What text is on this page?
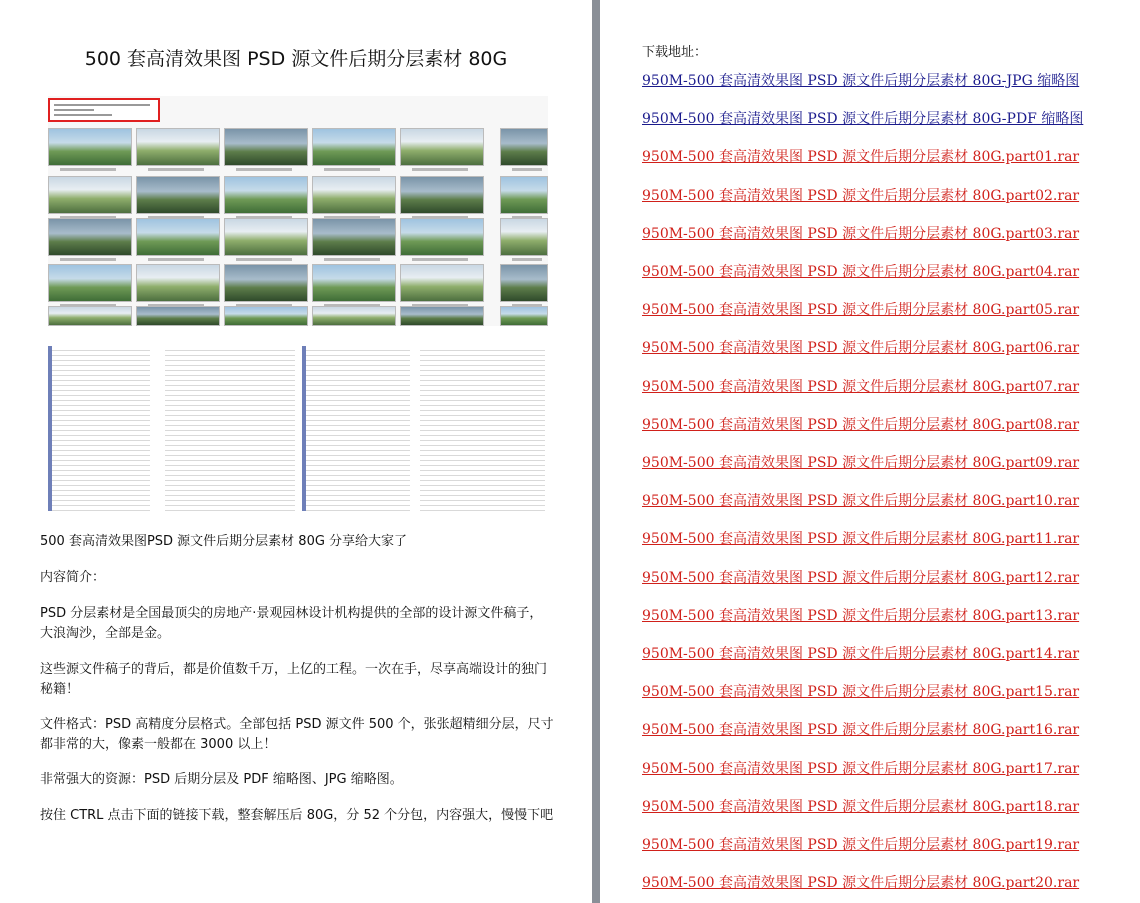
500 套高清效果图 PSD 源文件后期分层素材 80G
500 套高清效果图PSD 源文件后期分层素材 80G 分享给大家了
内容简介：
PSD 分层素材是全国最顶尖的房地产·景观园林设计机构提供的全部的设计源文件稿子，大浪淘沙，全部是金。
这些源文件稿子的背后，都是价值数千万，上亿的工程。一次在手，尽享高端设计的独门秘籍！
文件格式：PSD 高精度分层格式。全部包括 PSD 源文件 500 个，张张超精细分层，尺寸都非常的大，像素一般都在 3000 以上！
非常强大的资源：PSD 后期分层及 PDF 缩略图、JPG 缩略图。
按住 CTRL 点击下面的链接下载，整套解压后 80G，分 52 个分包，内容强大，慢慢下吧
下载地址：
950M-500 套高清效果图 PSD 源文件后期分层素材 80G-JPG 缩略图
950M-500 套高清效果图 PSD 源文件后期分层素材 80G-PDF 缩略图
950M-500 套高清效果图 PSD 源文件后期分层素材 80G.part01.rar
950M-500 套高清效果图 PSD 源文件后期分层素材 80G.part02.rar
950M-500 套高清效果图 PSD 源文件后期分层素材 80G.part03.rar
950M-500 套高清效果图 PSD 源文件后期分层素材 80G.part04.rar
950M-500 套高清效果图 PSD 源文件后期分层素材 80G.part05.rar
950M-500 套高清效果图 PSD 源文件后期分层素材 80G.part06.rar
950M-500 套高清效果图 PSD 源文件后期分层素材 80G.part07.rar
950M-500 套高清效果图 PSD 源文件后期分层素材 80G.part08.rar
950M-500 套高清效果图 PSD 源文件后期分层素材 80G.part09.rar
950M-500 套高清效果图 PSD 源文件后期分层素材 80G.part10.rar
950M-500 套高清效果图 PSD 源文件后期分层素材 80G.part11.rar
950M-500 套高清效果图 PSD 源文件后期分层素材 80G.part12.rar
950M-500 套高清效果图 PSD 源文件后期分层素材 80G.part13.rar
950M-500 套高清效果图 PSD 源文件后期分层素材 80G.part14.rar
950M-500 套高清效果图 PSD 源文件后期分层素材 80G.part15.rar
950M-500 套高清效果图 PSD 源文件后期分层素材 80G.part16.rar
950M-500 套高清效果图 PSD 源文件后期分层素材 80G.part17.rar
950M-500 套高清效果图 PSD 源文件后期分层素材 80G.part18.rar
950M-500 套高清效果图 PSD 源文件后期分层素材 80G.part19.rar
950M-500 套高清效果图 PSD 源文件后期分层素材 80G.part20.rar
